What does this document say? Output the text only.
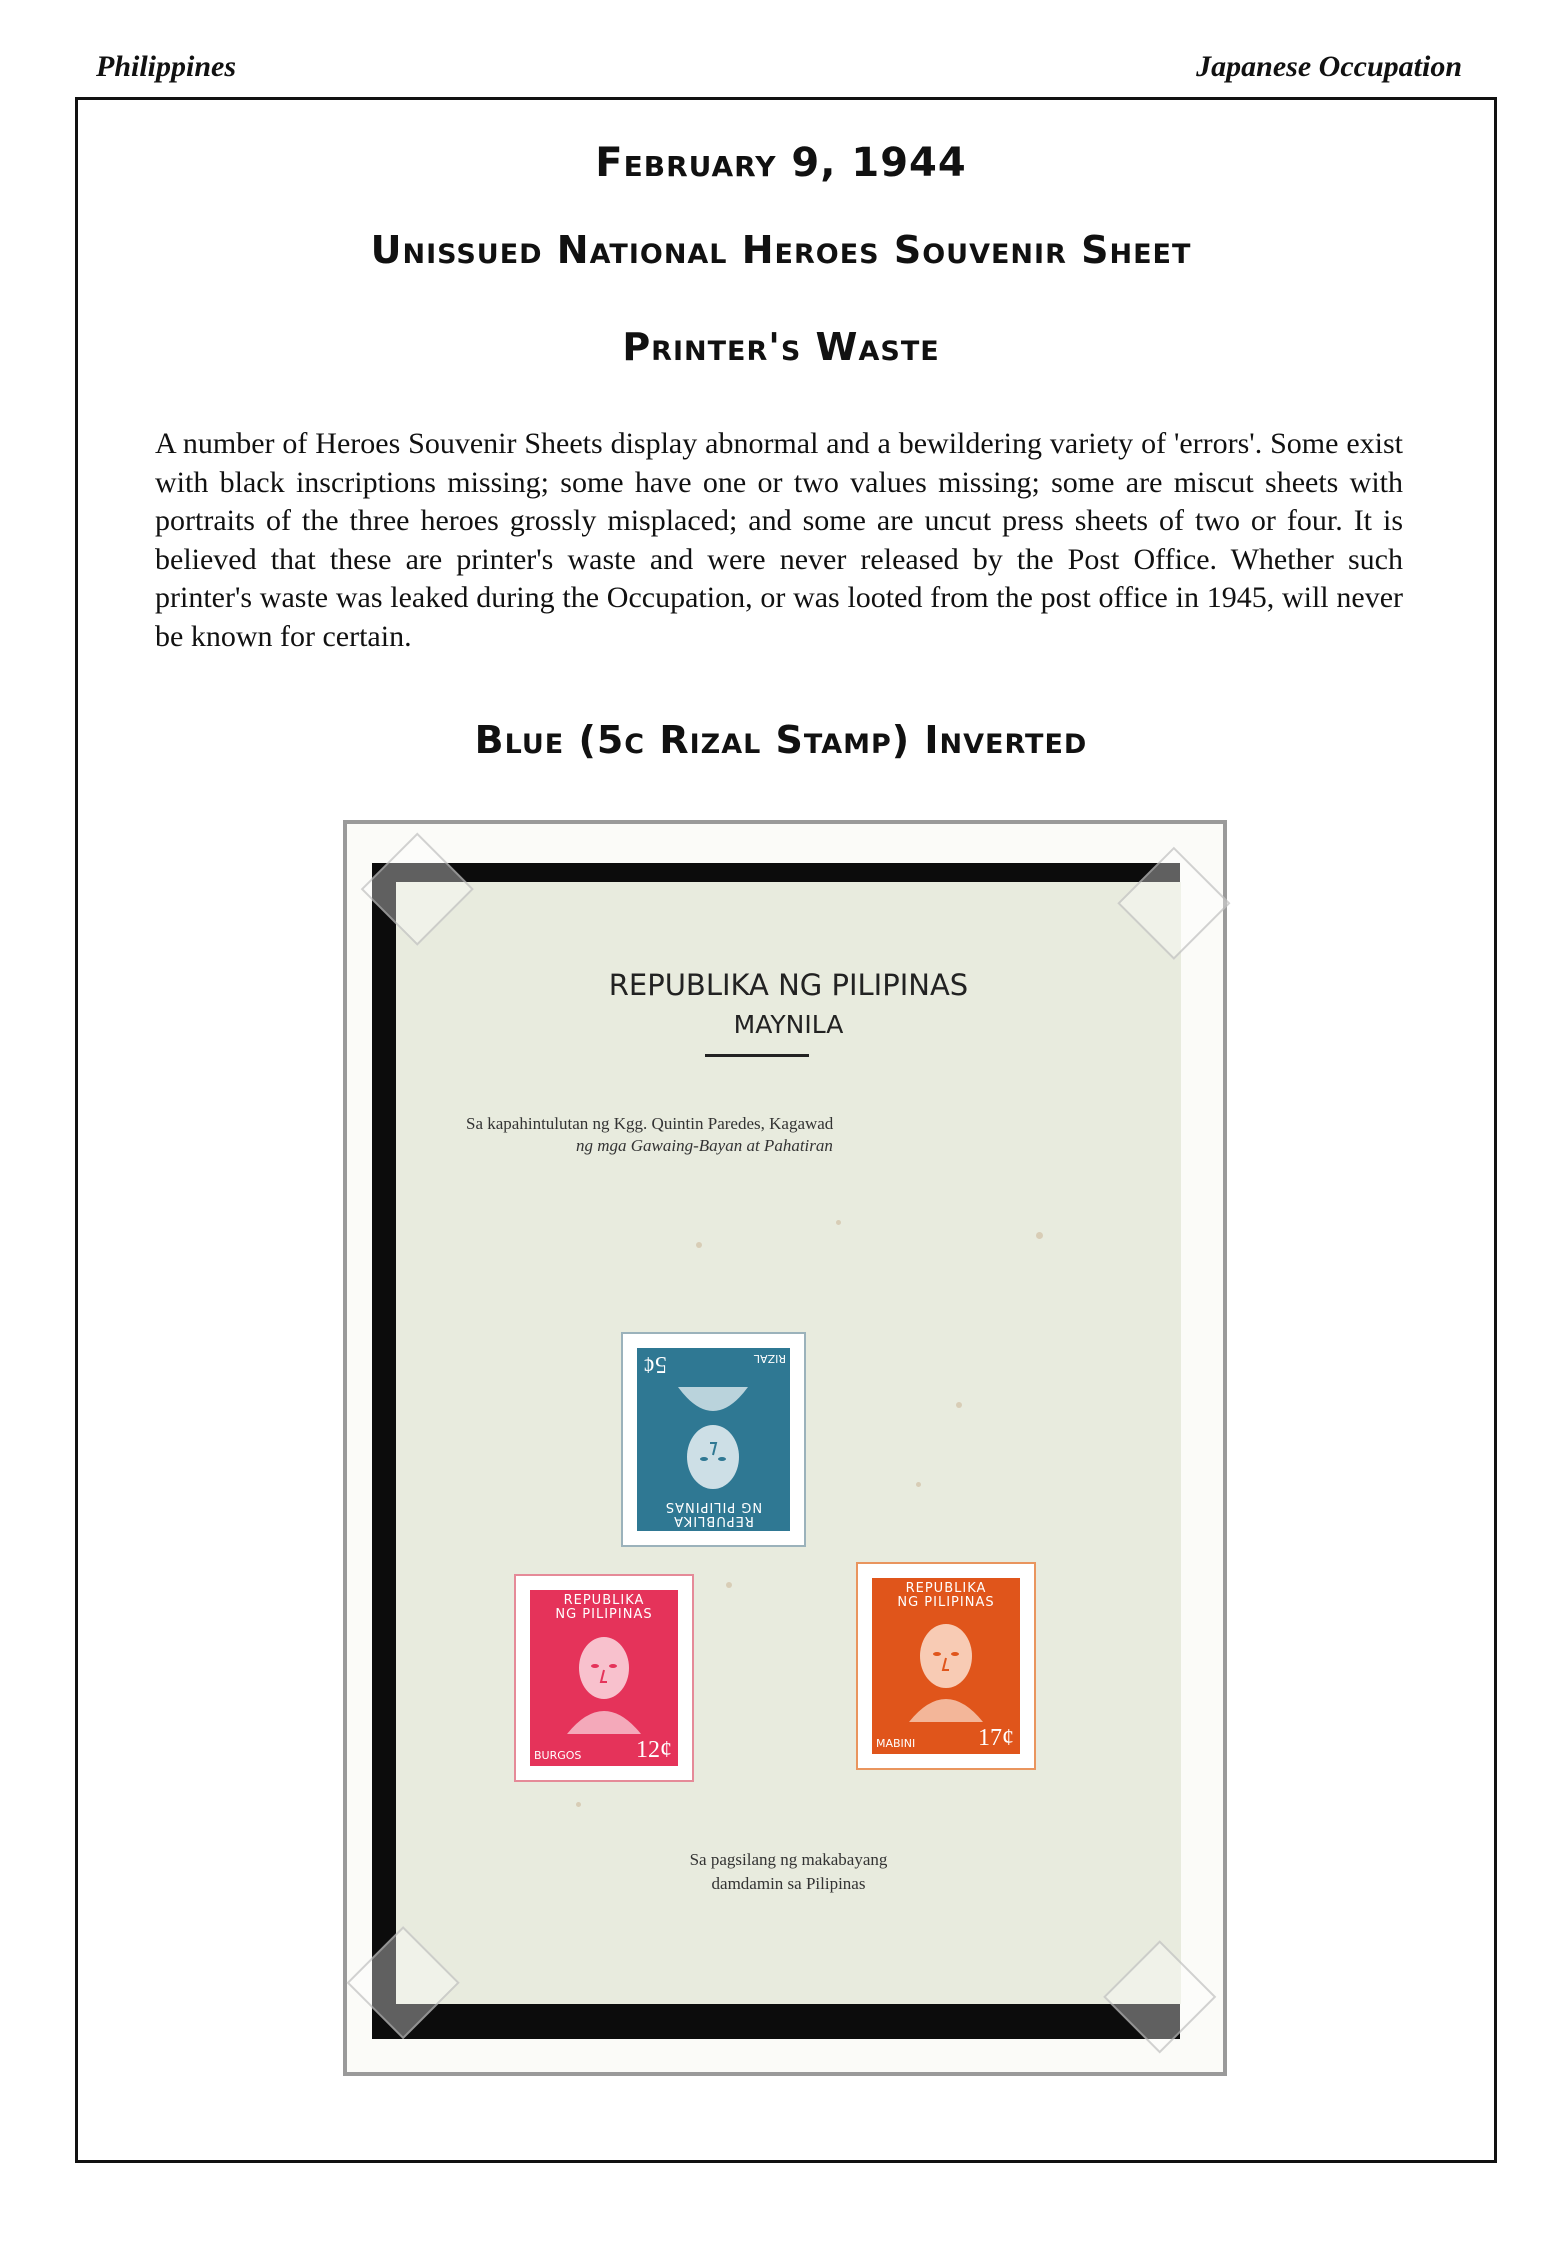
Philippines	Japanese Occupation
February 9, 1944
Unissued National Heroes Souvenir Sheet
Printer's Waste
A number of Heroes Souvenir Sheets display abnormal and a bewildering variety of 'errors'. Some exist with black inscriptions missing; some have one or two values missing; some are miscut sheets with portraits of the three heroes grossly misplaced; and some are uncut press sheets of two or four. It is believed that these are printer's waste and were never released by the Post Office. Whether such printer's waste was leaked during the Occupation, or was looted from the post office in 1945, will never be known for certain.
Blue (5c Rizal Stamp) Inverted
REPUBLIKA NG PILIPINAS
MAYNILA
Sa kapahintulutan ng Kgg. Quintin Paredes, Kagawad
ng mga Gawaing-Bayan at Pahatiran
REPUBLIKA
NG PILIPINAS
RIZAL
5¢
REPUBLIKA
NG PILIPINAS
BURGOS 12¢
REPUBLIKA
NG PILIPINAS
MABINI	17¢
Sa pagsilang ng makabayang
damdamin sa Pilipinas
